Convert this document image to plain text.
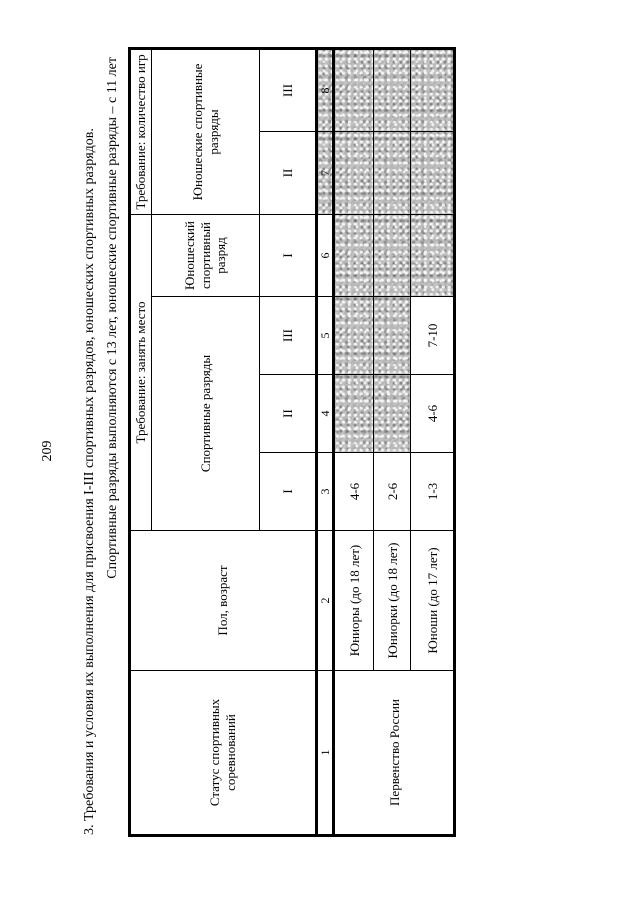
209 3. Требования и условия их выполнения для присвоения I-III спортивных разрядов, юношеских спортивных разрядов. Спортивные разряды выполняются с 13 лет, юношеские спортивные разряды – с 11 лет
Статус спортивных соревнований	Пол, возраст	Требование: занять место				Требование: количество игр	
		Спортивные разряды			Юношеский спортивный разряд	Юношеские спортивные разряды	
		I	II	III	I	II	III
1	2	3	4	5	6	7	8
Первенство России	Юниоры (до 18 лет)	4-6					
	Юниорки (до 18 лет)	2-6					
	Юноши (до 17 лет)	1-3	4-6	7-10			
